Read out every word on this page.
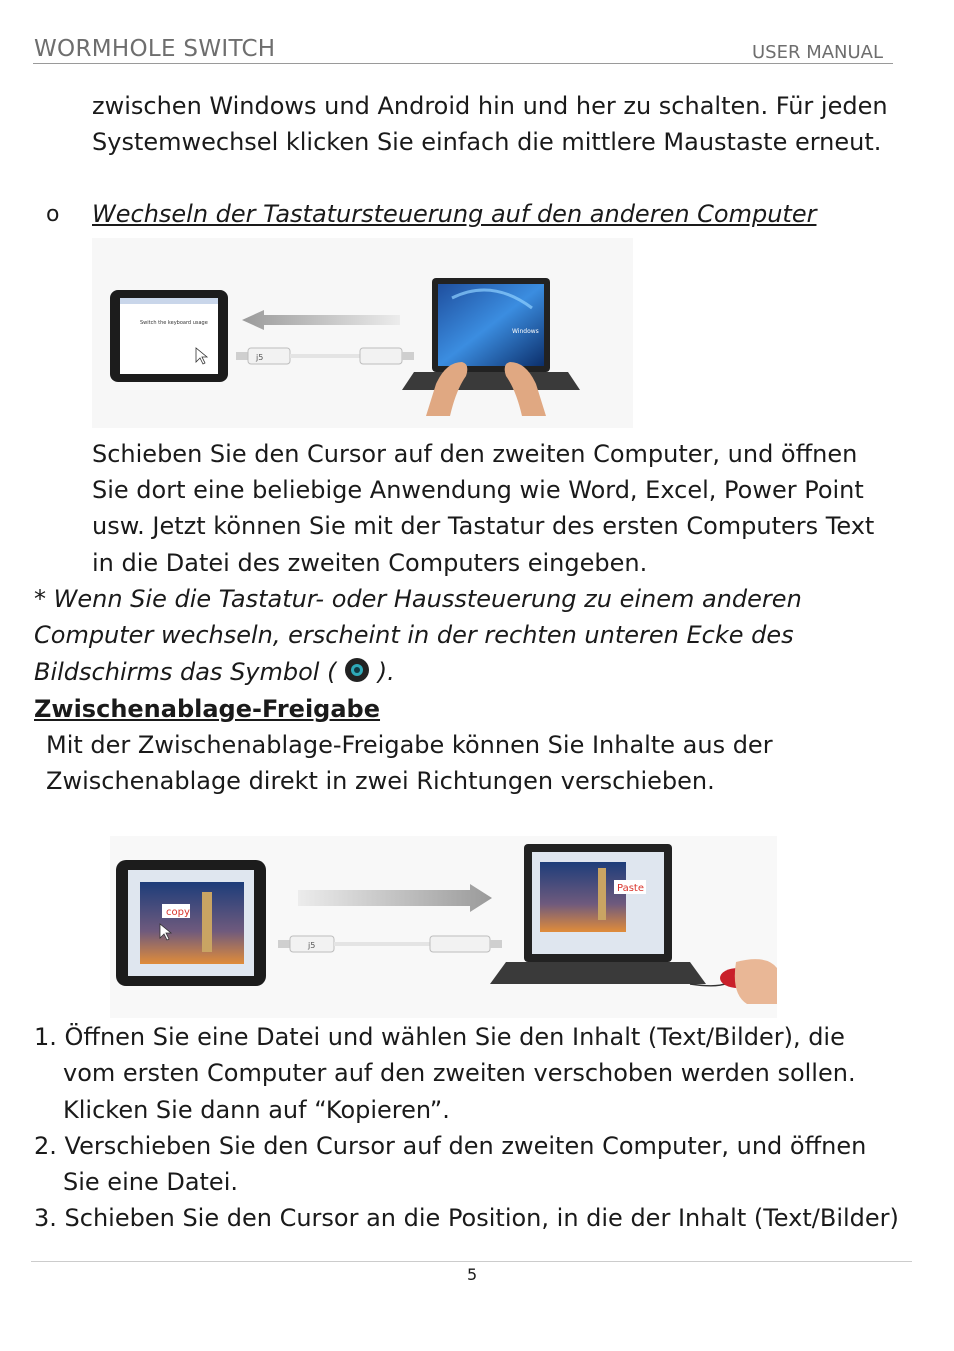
WORMHOLE SWITCH	USER MANUAL
zwischen Windows und Android hin und her zu schalten. Für jeden
Systemwechsel klicken Sie einfach die mittlere Maustaste erneut.
o Wechseln der Tastatursteuerung auf den anderen Computer
Switch the keyboard usage
j5
Windows
Schieben Sie den Cursor auf den zweiten Computer, und öffnen
Sie dort eine beliebige Anwendung wie Word, Excel, Power Point
usw. Jetzt können Sie mit der Tastatur des ersten Computers Text
in die Datei des zweiten Computers eingeben.
* Wenn Sie die Tastatur- oder Haussteuerung zu einem anderen
Computer wechseln, erscheint in der rechten unteren Ecke des
Bildschirms das Symbol (  ).
Zwischenablage-Freigabe
Mit der Zwischenablage-Freigabe können Sie Inhalte aus der
Zwischenablage direkt in zwei Richtungen verschieben.
copy
j5
Paste
1. Öffnen Sie eine Datei und wählen Sie den Inhalt (Text/Bilder), die
vom ersten Computer auf den zweiten verschoben werden sollen.
Klicken Sie dann auf “Kopieren”.
2. Verschieben Sie den Cursor auf den zweiten Computer, und öffnen
Sie eine Datei.
3. Schieben Sie den Cursor an die Position, in die der Inhalt (Text/Bilder)
5
